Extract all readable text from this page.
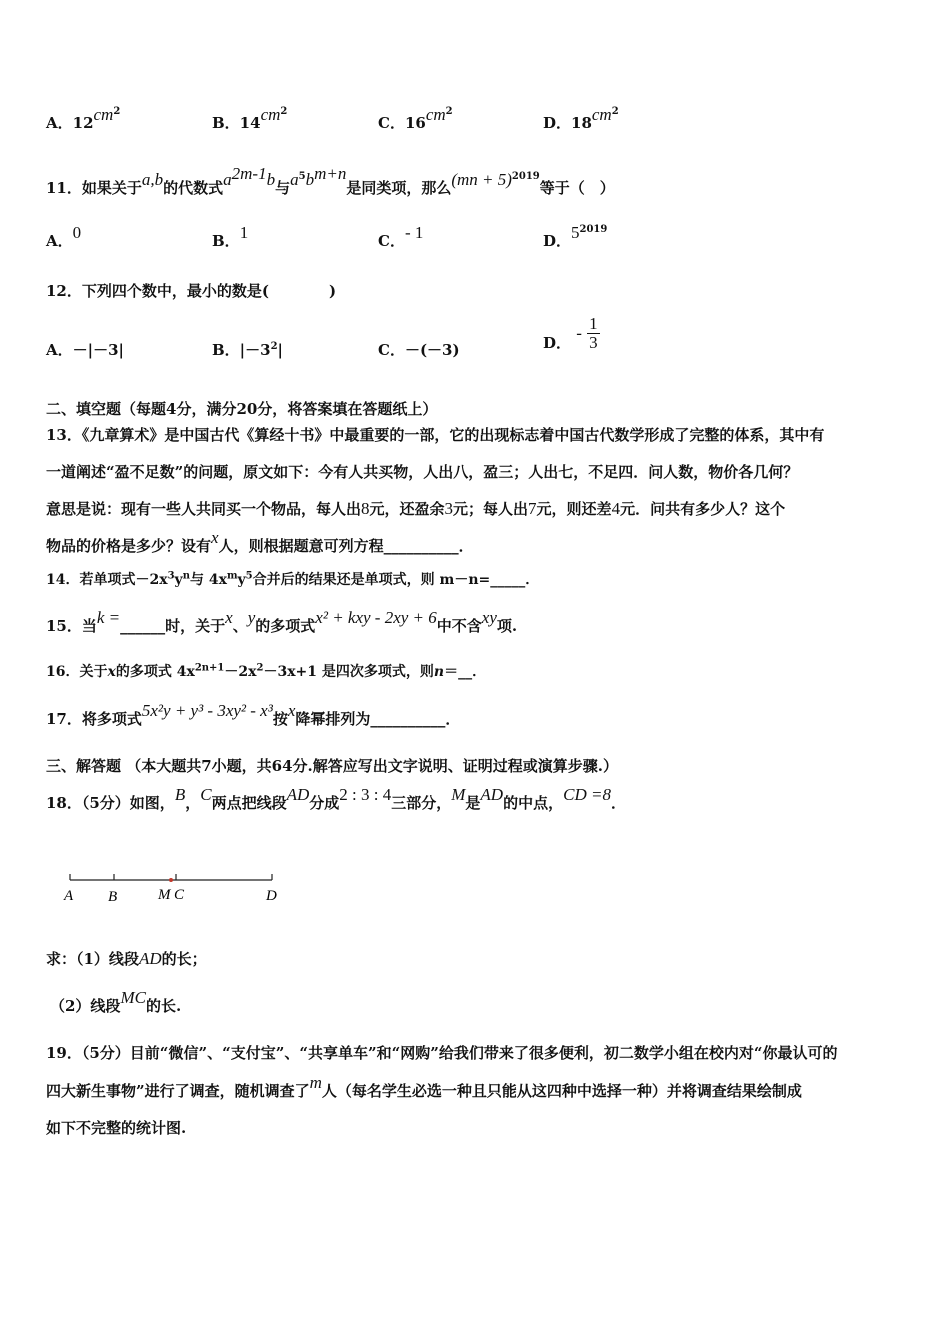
A．$12cm^2$
B．$14cm^2$
C．$16cm^2$
D．$18cm^2$
11．如果关于a,b的代数式$a^{2m-1}b$与$a^5b^{m+n}$是同类项，那么(mn + 5)$^{2019}$等于（　）
A．0	B．1	C．- 1	D．$5^{2019}$
12．下列四个数中，最小的数是(　　　　)
A．－|－3|	B．$|-3^2|$	C．－(－3)	D． - $\frac{1}{3}$
二、填空题（每题4分，满分20分，将答案填在答题纸上）
13．《九章算术》是中国古代《算经十书》中最重要的一部，它的出现标志着中国古代数学形成了完整的体系，其中有
一道阐述“盈不足数”的问题，原文如下：今有人共买物，人出八，盈三；人出七，不足四．问人数，物价各几何？
意思是说：现有一些人共同买一个物品，每人出8元，还盈余3元；每人出7元，则还差4元．问共有多少人？这个
物品的价格是多少？设有x人，则根据题意可列方程__________．
14．若单项式$-2x^3y^n$与 $4x^my^5$合并后的结果还是单项式，则 m－n=_____．
15．当k =______时，关于x、y的多项式x² + kxy - 2xy + 6中不含xy项.
16．关于x的多项式 $4x^{2n+1}-2x^2-3x+1$ 是四次多项式，则n＝__．
17．将多项式5x²y + y³ - 3xy² - x³按x降幂排列为__________．
三、解答题 （本大题共7小题，共64分.解答应写出文字说明、证明过程或演算步骤.）
18．（5分）如图，B，C两点把线段AD分成2 : 3 : 4三部分，M是AD的中点，CD =8．
A B	M C	D
求：（1）线段AD的长；
（2）线段MC的长.
19．（5分）目前“微信”、“支付宝”、“共享单车”和“网购”给我们带来了很多便利，初二数学小组在校内对“你最认可的
四大新生事物”进行了调查，随机调查了m人（每名学生必选一种且只能从这四种中选择一种）并将调查结果绘制成
如下不完整的统计图.
